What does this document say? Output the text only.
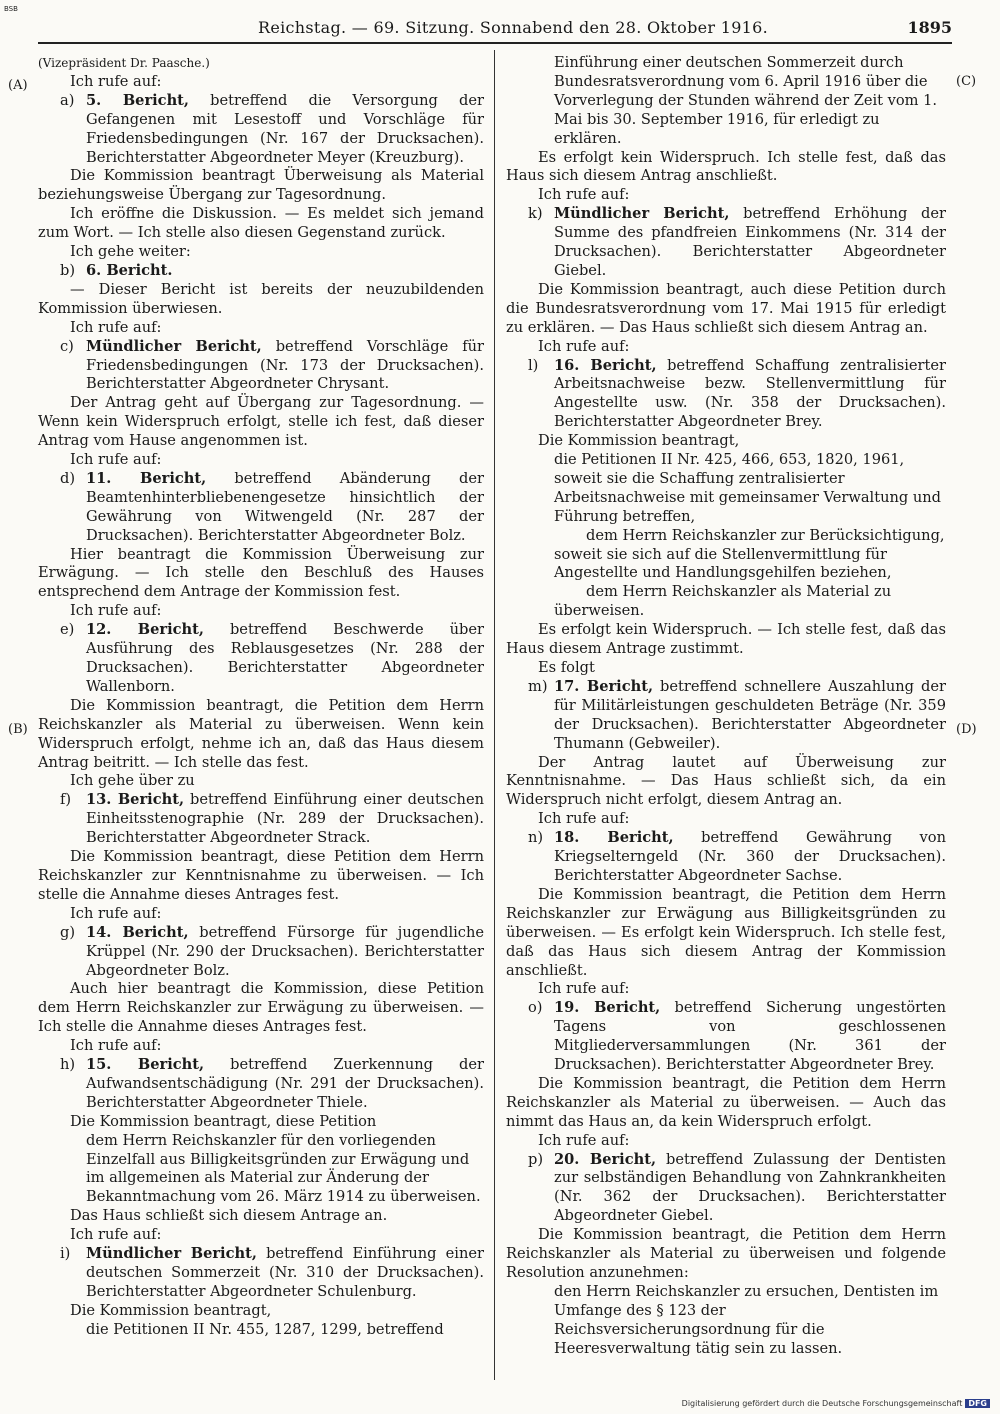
BSB
Reichstag. — 69. Sitzung. Sonnabend den 28. Oktober 1916.	1895
(A)
(B)
(C)
(D)

(Vizepräsident Dr. Paasche.)

Ich rufe auf:

a) 5. Bericht, betreffend die Versorgung der Gefangenen mit Lesestoff und Vorschläge für Friedensbedingungen (Nr. 167 der Drucksachen). Berichterstatter Abgeordneter Meyer (Kreuzburg).

Die Kommission beantragt Überweisung als Material beziehungsweise Übergang zur Tagesordnung.

Ich eröffne die Diskussion. — Es meldet sich jemand zum Wort. — Ich stelle also diesen Gegenstand zurück.

Ich gehe weiter:

b) 6. Bericht.

— Dieser Bericht ist bereits der neuzubildenden Kommission überwiesen.

Ich rufe auf:

c) Mündlicher Bericht, betreffend Vorschläge für Friedensbedingungen (Nr. 173 der Drucksachen). Berichterstatter Abgeordneter Chrysant.

Der Antrag geht auf Übergang zur Tagesordnung. — Wenn kein Widerspruch erfolgt, stelle ich fest, daß dieser Antrag vom Hause angenommen ist.

Ich rufe auf:

d) 11. Bericht, betreffend Abänderung der Beamtenhinterbliebenengesetze hinsichtlich der Gewährung von Witwengeld (Nr. 287 der Drucksachen). Berichterstatter Abgeordneter Bolz.

Hier beantragt die Kommission Überweisung zur Erwägung. — Ich stelle den Beschluß des Hauses entsprechend dem Antrage der Kommission fest.

Ich rufe auf:

e) 12. Bericht, betreffend Beschwerde über Ausführung des Reblausgesetzes (Nr. 288 der Drucksachen). Berichterstatter Abgeordneter Wallenborn.

Die Kommission beantragt, die Petition dem Herrn Reichskanzler als Material zu überweisen. Wenn kein Widerspruch erfolgt, nehme ich an, daß das Haus diesem Antrag beitritt. — Ich stelle das fest.

Ich gehe über zu

f) 13. Bericht, betreffend Einführung einer deutschen Einheitsstenographie (Nr. 289 der Drucksachen). Berichterstatter Abgeordneter Strack.

Die Kommission beantragt, diese Petition dem Herrn Reichskanzler zur Kenntnisnahme zu überweisen. — Ich stelle die Annahme dieses Antrages fest.

Ich rufe auf:

g) 14. Bericht, betreffend Fürsorge für jugendliche Krüppel (Nr. 290 der Drucksachen). Berichterstatter Abgeordneter Bolz.

Auch hier beantragt die Kommission, diese Petition dem Herrn Reichskanzler zur Erwägung zu überweisen. — Ich stelle die Annahme dieses Antrages fest.

Ich rufe auf:

h) 15. Bericht, betreffend Zuerkennung der Aufwandsentschädigung (Nr. 291 der Drucksachen). Berichterstatter Abgeordneter Thiele.

Die Kommission beantragt, diese Petition

dem Herrn Reichskanzler für den vorliegenden Einzelfall aus Billigkeitsgründen zur Erwägung und im allgemeinen als Material zur Änderung der Bekanntmachung vom 26. März 1914 zu überweisen.

Das Haus schließt sich diesem Antrage an.

Ich rufe auf:

i) Mündlicher Bericht, betreffend Einführung einer deutschen Sommerzeit (Nr. 310 der Drucksachen). Berichterstatter Abgeordneter Schulenburg.

Die Kommission beantragt,

die Petitionen II Nr. 455, 1287, 1299, betreffend

Einführung einer deutschen Sommerzeit durch Bundesratsverordnung vom 6. April 1916 über die Vorverlegung der Stunden während der Zeit vom 1. Mai bis 30. September 1916, für erledigt zu erklären.

Es erfolgt kein Widerspruch. Ich stelle fest, daß das Haus sich diesem Antrag anschließt.

Ich rufe auf:

k) Mündlicher Bericht, betreffend Erhöhung der Summe des pfandfreien Einkommens (Nr. 314 der Drucksachen). Berichterstatter Abgeordneter Giebel.

Die Kommission beantragt, auch diese Petition durch die Bundesratsverordnung vom 17. Mai 1915 für erledigt zu erklären. — Das Haus schließt sich diesem Antrag an.

Ich rufe auf:

l) 16. Bericht, betreffend Schaffung zentralisierter Arbeitsnachweise bezw. Stellenvermittlung für Angestellte usw. (Nr. 358 der Drucksachen). Berichterstatter Abgeordneter Brey.

Die Kommission beantragt,

die Petitionen II Nr. 425, 466, 653, 1820, 1961, soweit sie die Schaffung zentralisierter Arbeitsnachweise mit gemeinsamer Verwaltung und Führung betreffen,

dem Herrn Reichskanzler zur Berücksichtigung, soweit sie sich auf die Stellenvermittlung für Angestellte und Handlungsgehilfen beziehen,

dem Herrn Reichskanzler als Material zu überweisen.

Es erfolgt kein Widerspruch. — Ich stelle fest, daß das Haus diesem Antrage zustimmt.

Es folgt

m) 17. Bericht, betreffend schnellere Auszahlung der für Militärleistungen geschuldeten Beträge (Nr. 359 der Drucksachen). Berichterstatter Abgeordneter Thumann (Gebweiler).

Der Antrag lautet auf Überweisung zur Kenntnisnahme. — Das Haus schließt sich, da ein Widerspruch nicht erfolgt, diesem Antrag an.

Ich rufe auf:

n) 18. Bericht, betreffend Gewährung von Kriegselterngeld (Nr. 360 der Drucksachen). Berichterstatter Abgeordneter Sachse.

Die Kommission beantragt, die Petition dem Herrn Reichskanzler zur Erwägung aus Billigkeitsgründen zu überweisen. — Es erfolgt kein Widerspruch. Ich stelle fest, daß das Haus sich diesem Antrag der Kommission anschließt.

Ich rufe auf:

o) 19. Bericht, betreffend Sicherung ungestörten Tagens von geschlossenen Mitgliederversammlungen (Nr. 361 der Drucksachen). Berichterstatter Abgeordneter Brey.

Die Kommission beantragt, die Petition dem Herrn Reichskanzler als Material zu überweisen. — Auch das nimmt das Haus an, da kein Widerspruch erfolgt.

Ich rufe auf:

p) 20. Bericht, betreffend Zulassung der Dentisten zur selbständigen Behandlung von Zahnkrankheiten (Nr. 362 der Drucksachen). Berichterstatter Abgeordneter Giebel.

Die Kommission beantragt, die Petition dem Herrn Reichskanzler als Material zu überweisen und folgende Resolution anzunehmen:

den Herrn Reichskanzler zu ersuchen, Dentisten im Umfange des § 123 der Reichsversicherungsordnung für die Heeresverwaltung tätig sein zu lassen.

Digitalisierung gefördert durch die Deutsche Forschungsgemeinschaft DFG
